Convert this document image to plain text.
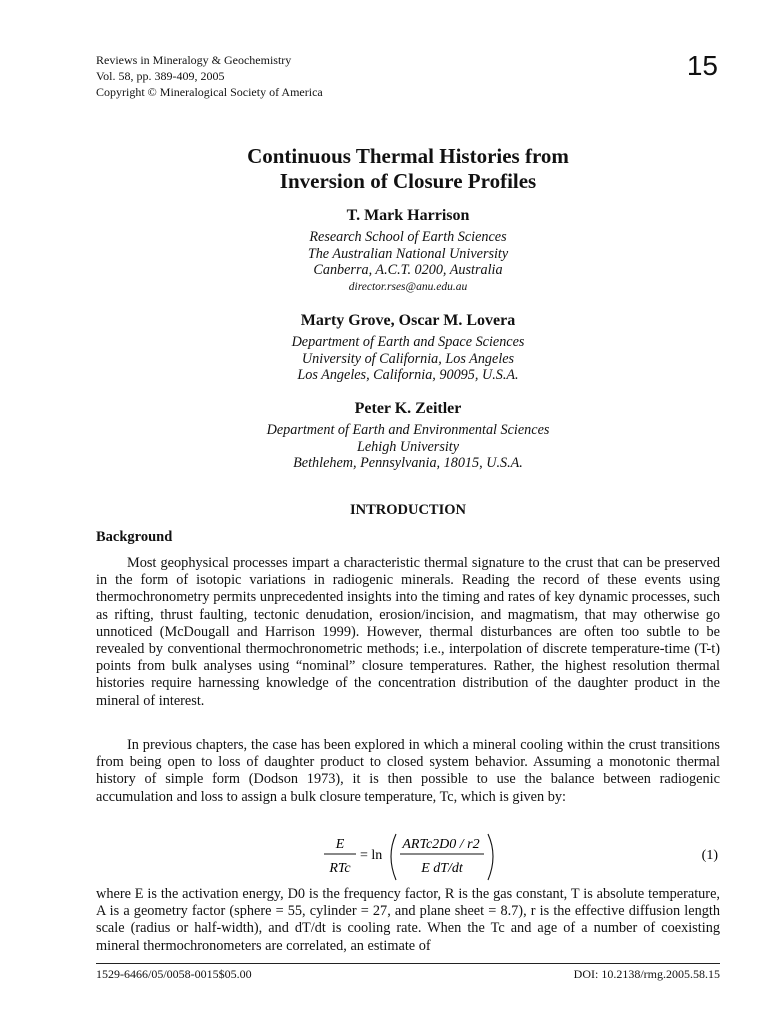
Reviews in Mineralogy & Geochemistry
Vol. 58, pp. 389-409, 2005
Copyright © Mineralogical Society of America
15
Continuous Thermal Histories from
Inversion of Closure Profiles
T. Mark Harrison
Research School of Earth Sciences
The Australian National University
Canberra, A.C.T. 0200, Australia
director.rses@anu.edu.au
Marty Grove, Oscar M. Lovera
Department of Earth and Space Sciences
University of California, Los Angeles
Los Angeles, California, 90095, U.S.A.
Peter K. Zeitler
Department of Earth and Environmental Sciences
Lehigh University
Bethlehem, Pennsylvania, 18015, U.S.A.
INTRODUCTION
Background
Most geophysical processes impart a characteristic thermal signature to the crust that can be preserved in the form of isotopic variations in radiogenic minerals. Reading the record of these events using thermochronometry permits unprecedented insights into the timing and rates of key dynamic processes, such as rifting, thrust faulting, tectonic denudation, erosion/incision, and magmatism, that may otherwise go unnoticed (McDougall and Harrison 1999). However, thermal disturbances are often too subtle to be revealed by conventional thermochronometric methods; i.e., interpolation of discrete temperature-time (T-t) points from bulk analyses using “nominal” closure temperatures. Rather, the highest resolution thermal histories require harnessing knowledge of the concentration distribution of the daughter product in the mineral of interest.
In previous chapters, the case has been explored in which a mineral cooling within the crust transitions from being open to loss of daughter product to closed system behavior. Assuming a monotonic thermal history of simple form (Dodson 1973), it is then possible to use the balance between radiogenic accumulation and loss to assign a bulk closure temperature, Tc, which is given by:
E
RTc
= ln
ARTc2D0 / r2
E dT/dt
(1)
where E is the activation energy, D0 is the frequency factor, R is the gas constant, T is absolute temperature, A is a geometry factor (sphere = 55, cylinder = 27, and plane sheet = 8.7), r is the effective diffusion length scale (radius or half-width), and dT/dt is cooling rate. When the Tc and age of a number of coexisting mineral thermochronometers are correlated, an estimate of
1529-6466/05/0058-0015$05.00	DOI: 10.2138/rmg.2005.58.15
